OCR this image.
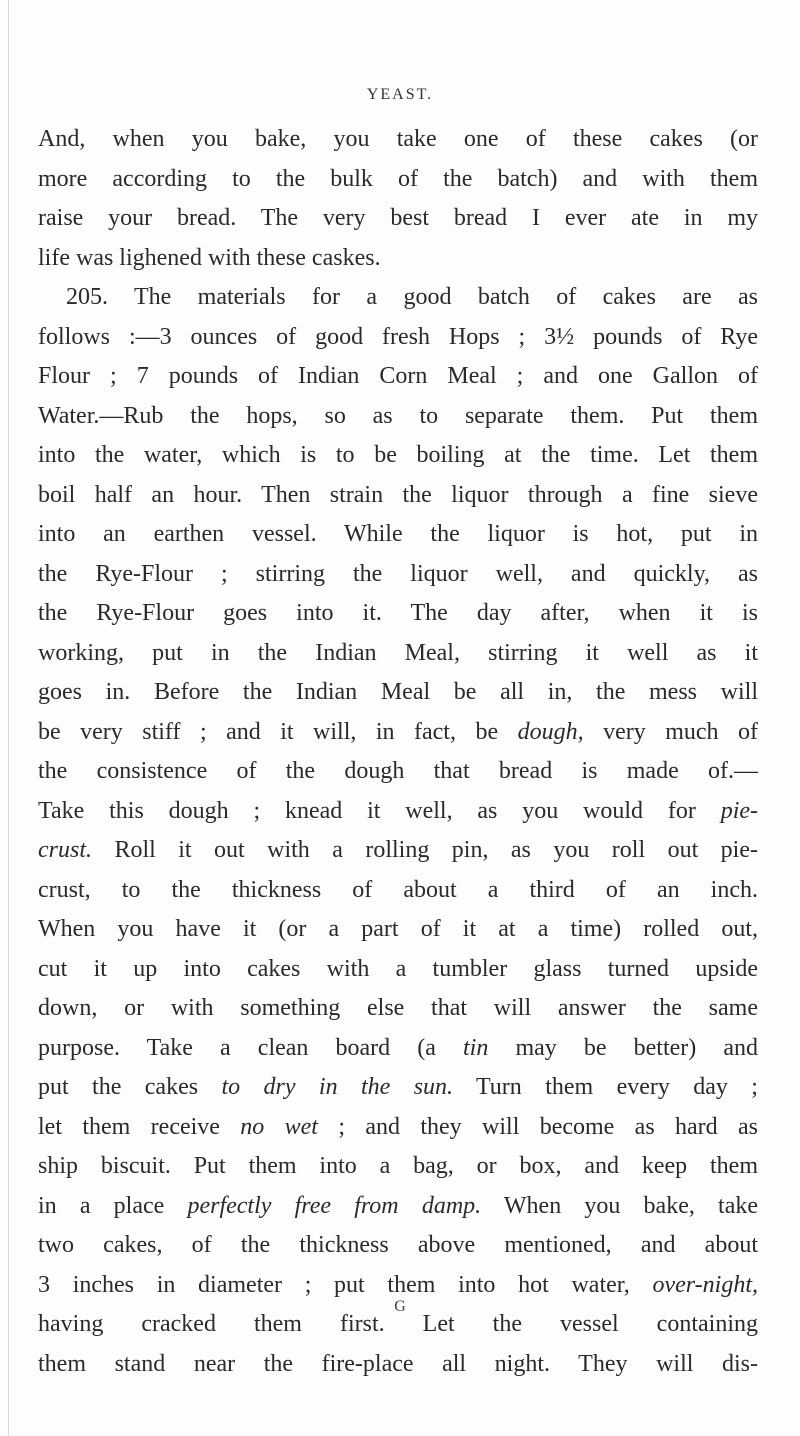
YEAST.
And, when you bake, you take one of these cakes (or
more according to the bulk of the batch) and with them
raise your bread. The very best bread I ever ate in my
life was lighened with these caskes.
205. The materials for a good batch of cakes are as
follows :—3 ounces of good fresh Hops ; 3½ pounds of Rye
Flour ; 7 pounds of Indian Corn Meal ; and one Gallon of
Water.—Rub the hops, so as to separate them. Put them
into the water, which is to be boiling at the time. Let them
boil half an hour. Then strain the liquor through a fine sieve
into an earthen vessel. While the liquor is hot, put in
the Rye-Flour ; stirring the liquor well, and quickly, as
the Rye-Flour goes into it. The day after, when it is
working, put in the Indian Meal, stirring it well as it
goes in. Before the Indian Meal be all in, the mess will
be very stiff ; and it will, in fact, be dough, very much of
the consistence of the dough that bread is made of.—
Take this dough ; knead it well, as you would for pie-
crust. Roll it out with a rolling pin, as you roll out pie-
crust, to the thickness of about a third of an inch.
When you have it (or a part of it at a time) rolled out,
cut it up into cakes with a tumbler glass turned upside
down, or with something else that will answer the same
purpose. Take a clean board (a tin may be better) and
put the cakes to dry in the sun. Turn them every day ;
let them receive no wet ; and they will become as hard as
ship biscuit. Put them into a bag, or box, and keep them
in a place perfectly free from damp. When you bake, take
two cakes, of the thickness above mentioned, and about
3 inches in diameter ; put them into hot water, over-night,
having cracked them first. Let the vessel containing
them stand near the fire-place all night. They will dis-
G
